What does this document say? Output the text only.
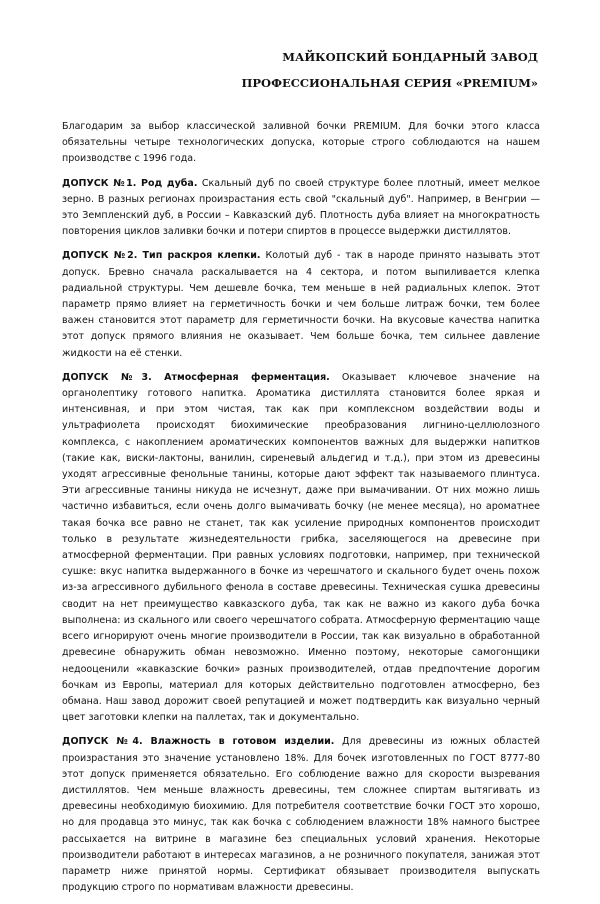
МАЙКОПСКИЙ БОНДАРНЫЙ ЗАВОД
ПРОФЕССИОНАЛЬНАЯ СЕРИЯ «PREMIUM»

Благодарим за выбор классической заливной бочки PREMIUM. Для бочки этого класса обязательны четыре технологических допуска, которые строго соблюдаются на нашем производстве с 1996 года.

ДОПУСК №1. Род дуба. Скальный дуб по своей структуре более плотный, имеет мелкое зерно. В разных регионах произрастания есть свой "скальный дуб". Например, в Венгрии — это Земпленский дуб, в России – Кавказский дуб. Плотность дуба влияет на многократность повторения циклов заливки бочки и потери спиртов в процессе выдержки дистиллятов.

ДОПУСК №2. Тип раскроя клепки. Колотый дуб - так в народе принято называть этот допуск. Бревно сначала раскалывается на 4 сектора, и потом выпиливается клепка радиальной структуры. Чем дешевле бочка, тем меньше в ней радиальных клепок. Этот параметр прямо влияет на герметичность бочки и чем больше литраж бочки, тем более важен становится этот параметр для герметичности бочки. На вкусовые качества напитка этот допуск прямого влияния не оказывает. Чем больше бочка, тем сильнее давление жидкости на её стенки.

ДОПУСК №3. Атмосферная ферментация. Оказывает ключевое значение на органолептику готового напитка. Ароматика дистиллята становится более яркая и интенсивная, и при этом чистая, так как при комплексном воздействии воды и ультрафиолета происходят биохимические преобразования лигнино-целлюлозного комплекса, с накоплением ароматических компонентов важных для выдержки напитков (такие как, виски-лактоны, ванилин, сиреневый альдегид и т.д.), при этом из древесины уходят агрессивные фенольные танины, которые дают эффект так называемого плинтуса. Эти агрессивные танины никуда не исчезнут, даже при вымачивании. От них можно лишь частично избавиться, если очень долго вымачивать бочку (не менее месяца), но ароматнее такая бочка все равно не станет, так как усиление природных компонентов происходит только в результате жизнедеятельности грибка, заселяющегося на древесине при атмосферной ферментации. При равных условиях подготовки, например, при технической сушке: вкус напитка выдержанного в бочке из черешчатого и скального будет очень похож из-за агрессивного дубильного фенола в составе древесины. Техническая сушка древесины сводит на нет преимущество кавказского дуба, так как не важно из какого дуба бочка выполнена: из скального или своего черешчатого собрата. Атмосферную ферментацию чаще всего игнорируют очень многие производители в России, так как визуально в обработанной древесине обнаружить обман невозможно. Именно поэтому, некоторые самогонщики недооценили «кавказские бочки» разных производителей, отдав предпочтение дорогим бочкам из Европы, материал для которых действительно подготовлен атмосферно, без обмана. Наш завод дорожит своей репутацией и может подтвердить как визуально черный цвет заготовки клепки на паллетах, так и документально.

ДОПУСК №4. Влажность в готовом изделии. Для древесины из южных областей произрастания это значение установлено 18%. Для бочек изготовленных по ГОСТ 8777-80 этот допуск применяется обязательно. Его соблюдение важно для скорости вызревания дистиллятов. Чем меньше влажность древесины, тем сложнее спиртам вытягивать из древесины необходимую биохимию. Для потребителя соответствие бочки ГОСТ это хорошо, но для продавца это минус, так как бочка с соблюдением влажности 18% намного быстрее рассыхается на витрине в магазине без специальных условий хранения. Некоторые производители работают в интересах магазинов, а не розничного покупателя, занижая этот параметр ниже принятой нормы. Сертификат обязывает производителя выпускать продукцию строго по нормативам влажности древесины.
